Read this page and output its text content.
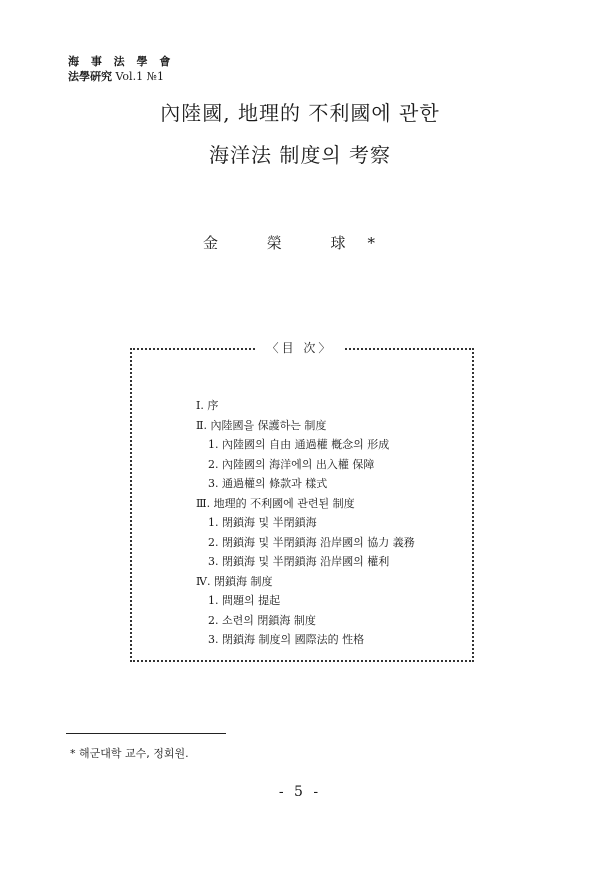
海 事 法 學 會
法學硏究 Vol.1 №1
內陸國, 地理的 不利國에 관한
海洋法 制度의 考察
金 榮 球*
〈目 次〉
Ⅰ. 序
Ⅱ. 內陸國을 保護하는 制度
1. 內陸國의 自由 通過權 槪念의 形成
2. 內陸國의 海洋에의 出入權 保障
3. 通過權의 條款과 樣式
Ⅲ. 地理的 不利國에 관련된 制度
1. 閉鎖海 및 半閉鎖海
2. 閉鎖海 및 半閉鎖海 沿岸國의 協力 義務
3. 閉鎖海 및 半閉鎖海 沿岸國의 權利
Ⅳ. 閉鎖海 制度
1. 問題의 提起
2. 소련의 閉鎖海 制度
3. 閉鎖海 制度의 國際法的 性格
* 해군대학 교수, 정회원.
- 5 -
